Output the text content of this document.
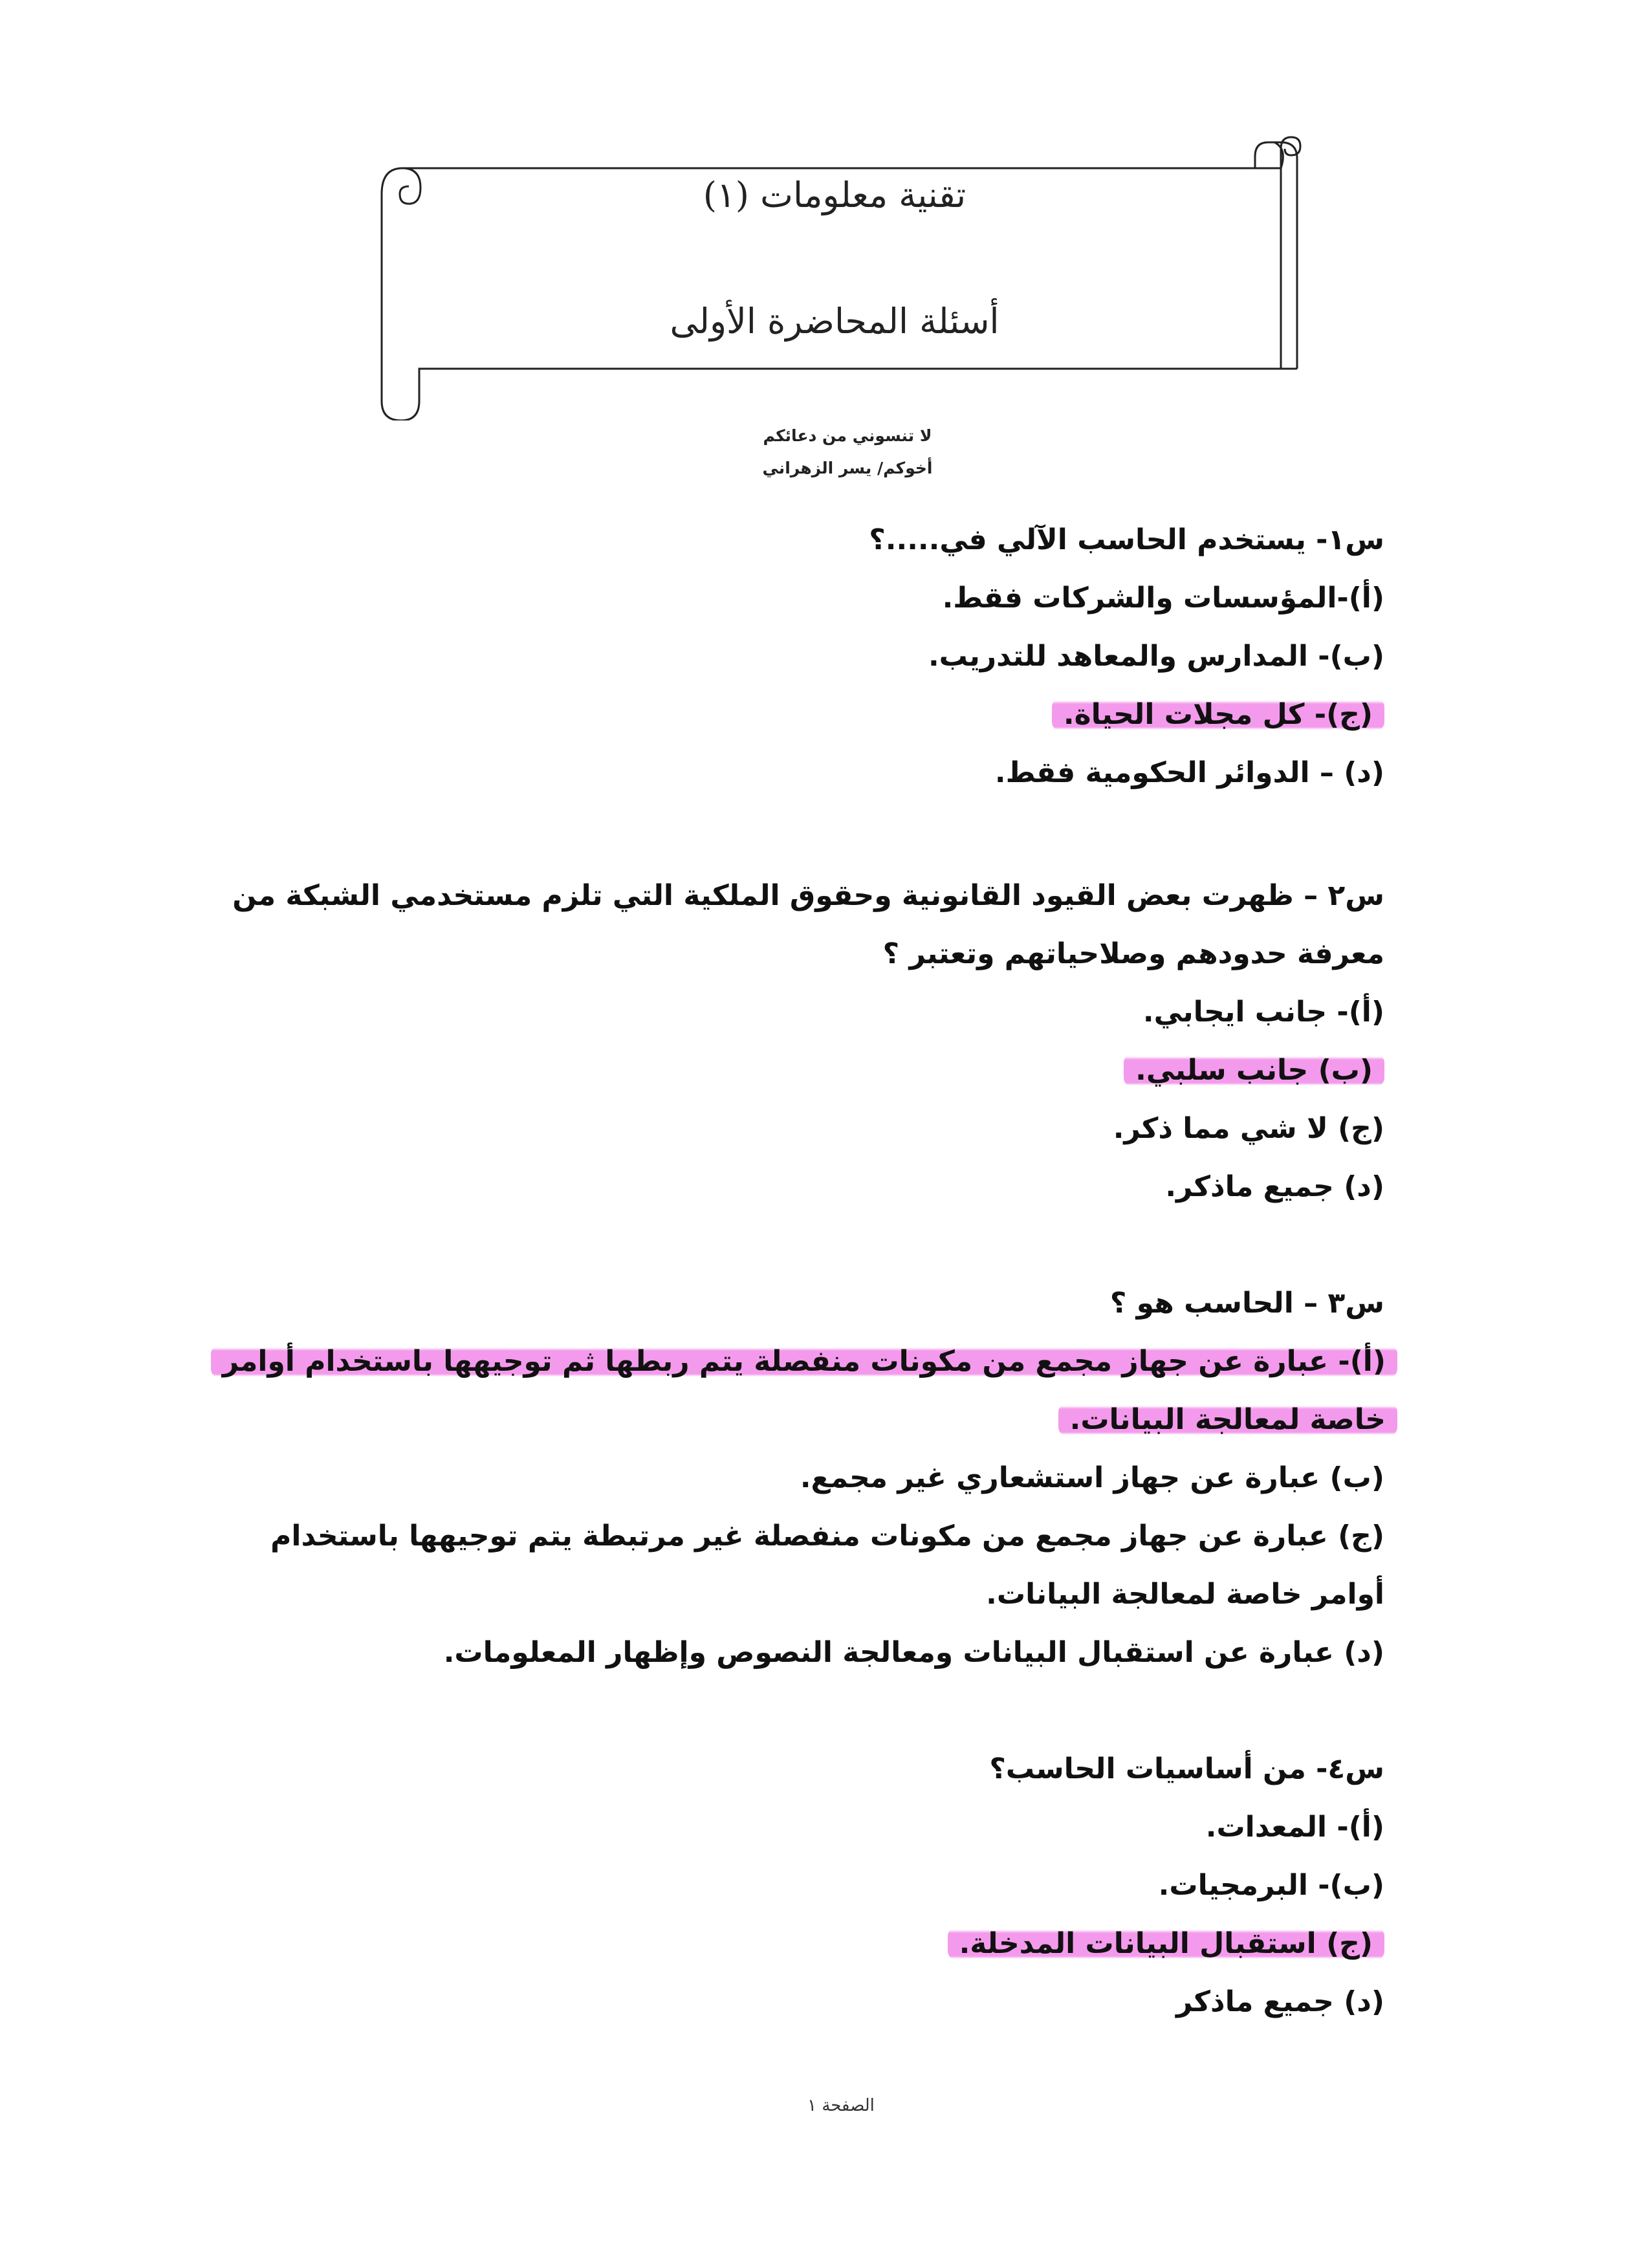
تقنية معلومات (١)
أسئلة المحاضرة الأولى
لا تنسوني من دعائكم
أخوكم/ يسر الزهراني
س١- يستخدم الحاسب الآلي في.....؟
(أ)-المؤسسات والشركات فقط.
(ب)- المدارس والمعاهد للتدريب.
(ج)- كل مجلات الحياة.
(د) – الدوائر الحكومية فقط.
س٢ – ظهرت بعض القيود القانونية وحقوق الملكية التي تلزم مستخدمي الشبكة من
معرفة حدودهم وصلاحياتهم وتعتبر ؟
(أ)- جانب ايجابي.
(ب) جانب سلبي.
(ج) لا شي مما ذكر.
(د) جميع ماذكر.
س٣ – الحاسب هو ؟
(أ)- عبارة عن جهاز مجمع من مكونات منفصلة يتم ربطها ثم توجيهها باستخدام أوامر
خاصة لمعالجة البيانات.
(ب) عبارة عن جهاز استشعاري غير مجمع.
(ج) عبارة عن جهاز مجمع من مكونات منفصلة غير مرتبطة يتم توجيهها باستخدام
أوامر خاصة لمعالجة البيانات.
(د) عبارة عن استقبال البيانات ومعالجة النصوص وإظهار المعلومات.
س٤- من أساسيات الحاسب؟
(أ)- المعدات.
(ب)- البرمجيات.
(ج) استقبال البيانات المدخلة.
(د) جميع ماذكر
الصفحة ١
